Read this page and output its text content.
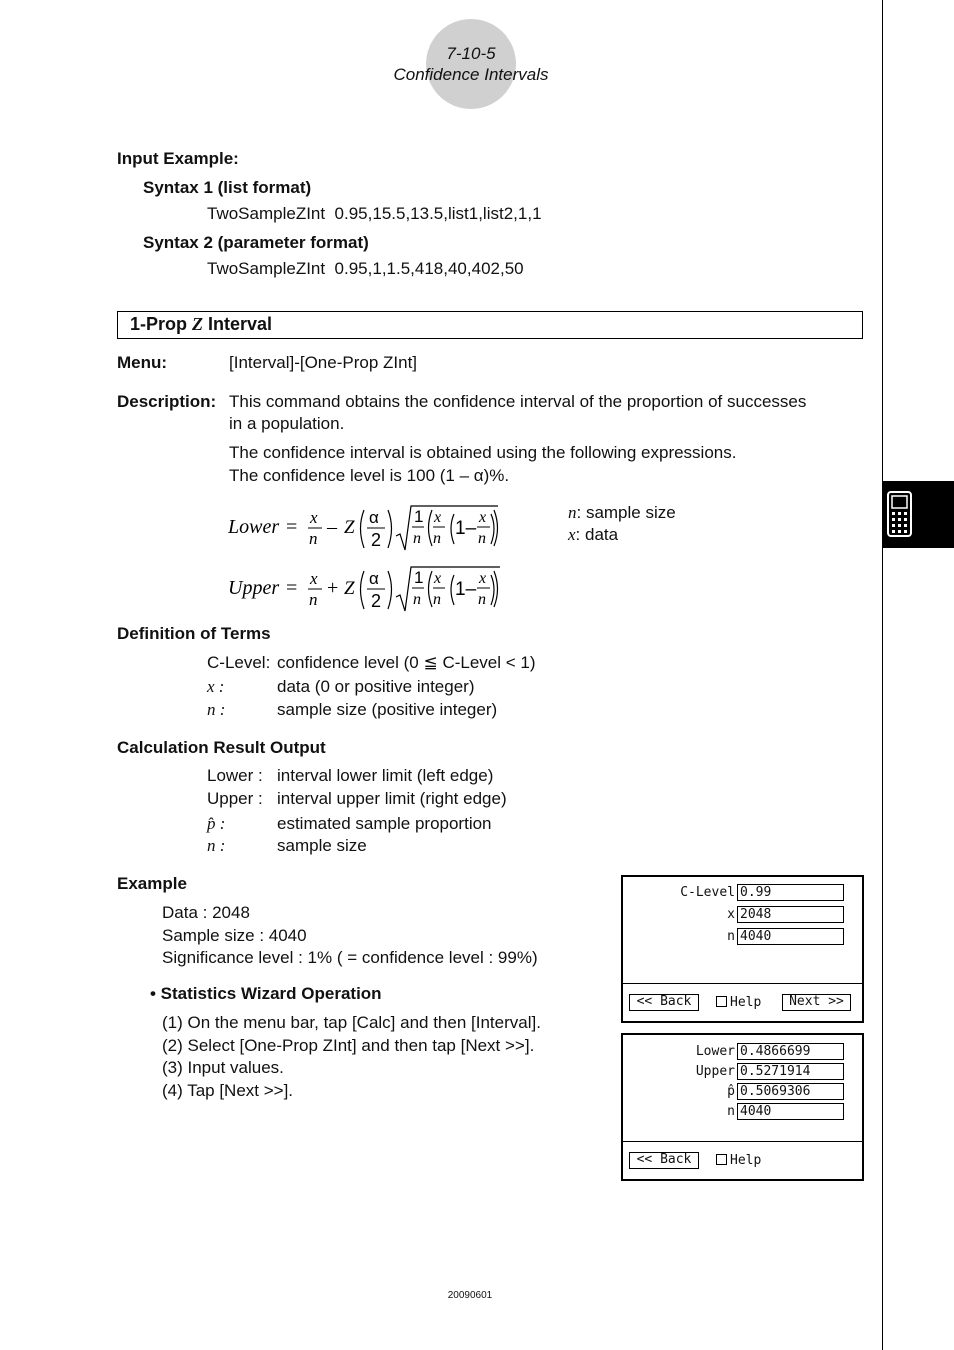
7-10-5
Confidence Intervals
Input Example:
Syntax 1 (list format)
TwoSampleZInt  0.95,15.5,13.5,list1,list2,1,1
Syntax 2 (parameter format)
TwoSampleZInt  0.95,1,1.5,418,40,402,50
1-Prop Z Interval
Menu:	[Interval]-[One-Prop ZInt]
Description: This command obtains the confidence interval of the proportion of successes
in a population.
The confidence interval is obtained using the following expressions.
The confidence level is 100 (1 – α)%.
Lower = x
n
– Z α
2
1
n
x
n 1–
x
n
Upper = x
n
+ Z α
2
1
n
x
n 1–
x
n
n: sample size
x: data
Definition of Terms
C-Level: confidence level (0 ≦ C-Level < 1)
x :	data (0 or positive integer)
n :	sample size (positive integer)
Calculation Result Output
Lower : interval lower limit (left edge)
Upper : interval upper limit (right edge)
p̂ :	estimated sample proportion
n :	sample size
Example
Data : 2048
Sample size : 4040
Significance level : 1% ( = confidence level : 99%)
• Statistics Wizard Operation
(1) On the menu bar, tap [Calc] and then [Interval].
(2) Select [One-Prop ZInt] and then tap [Next >>].
(3) Input values.
(4) Tap [Next >>].
C-Level 0.99
x 2048
n 4040
<< Back	Help	Next >>
Lower 0.4866699
Upper 0.5271914
p̂ 0.5069306
n 4040
<< Back	Help
20090601
